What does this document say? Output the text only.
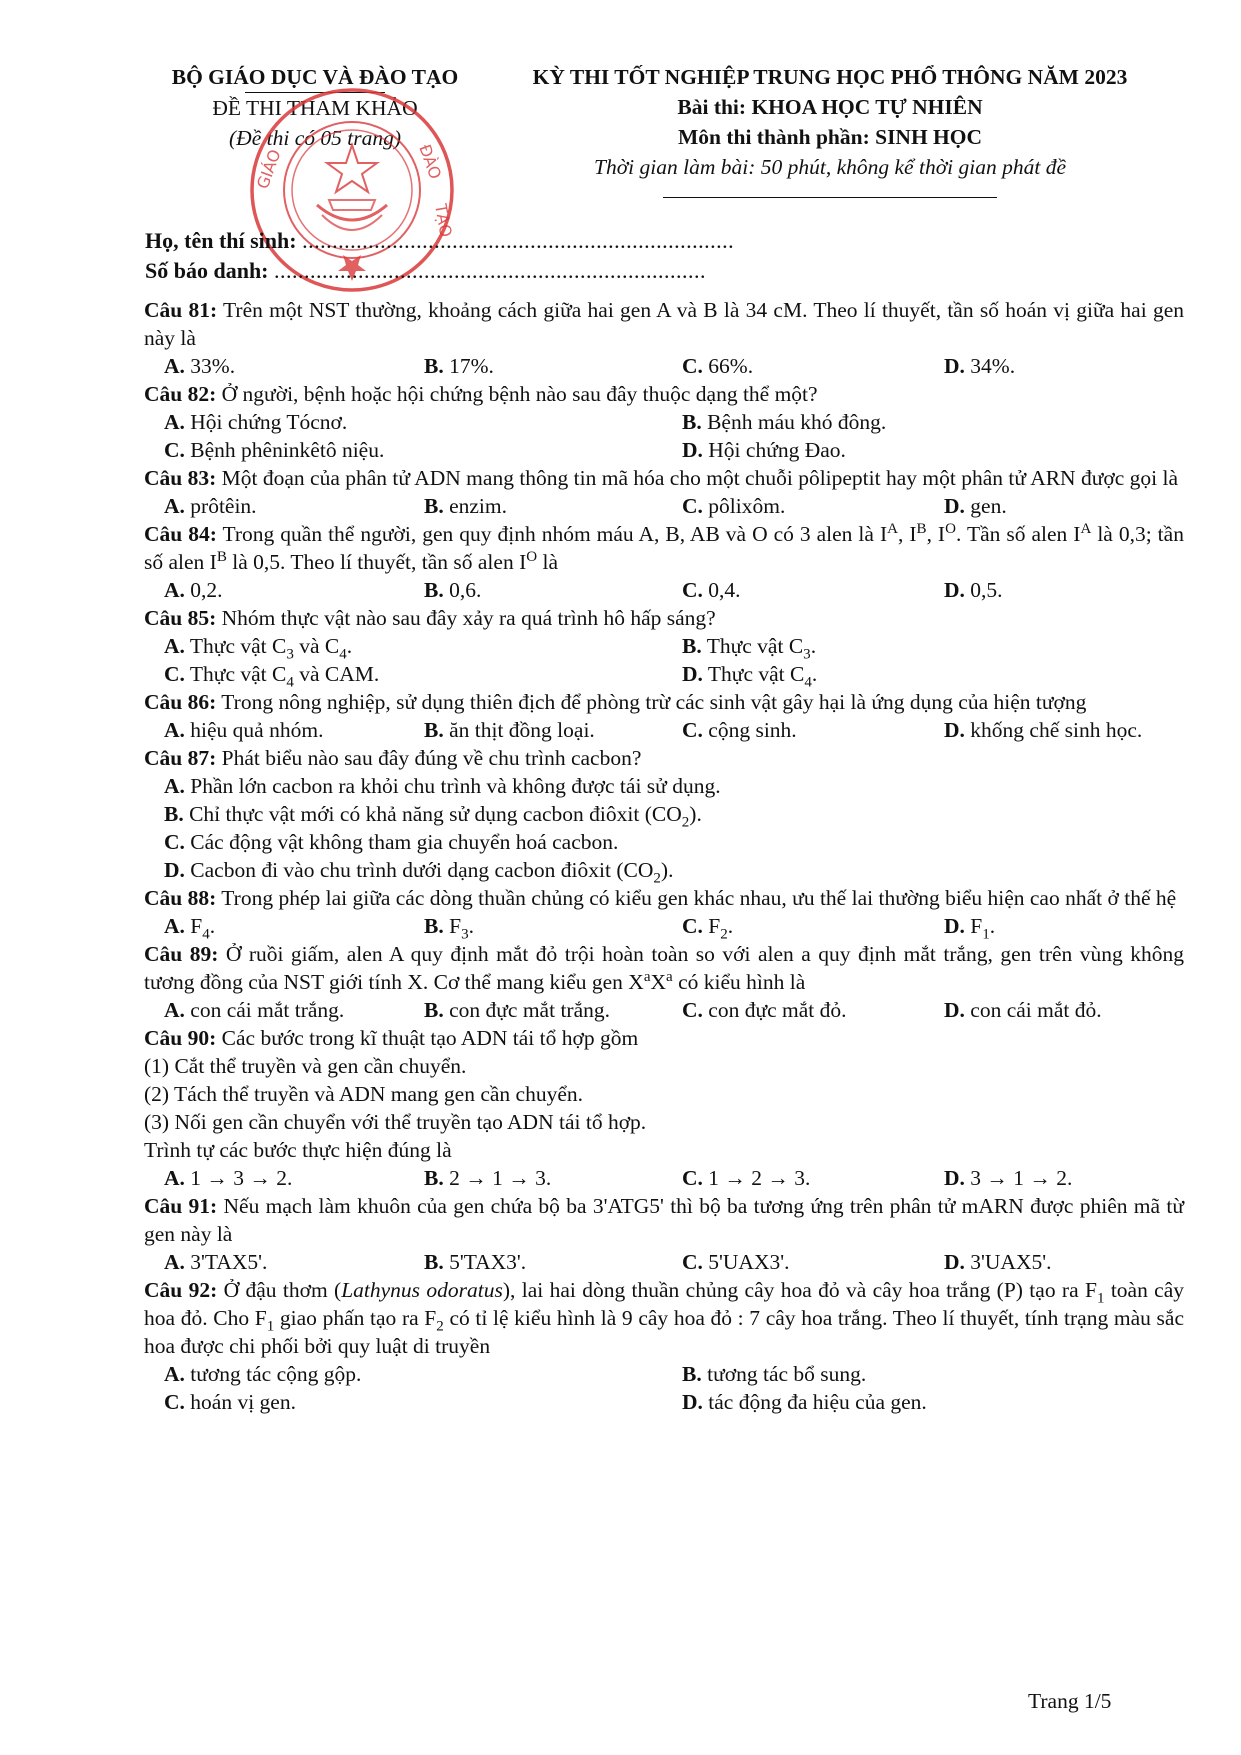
BỘ GIÁO DỤC VÀ ĐÀO TẠO
ĐỀ THI THAM KHẢO
(Đề thi có 05 trang)
KỲ THI TỐT NGHIỆP TRUNG HỌC PHỔ THÔNG NĂM 2023
Bài thi: KHOA HỌC TỰ NHIÊN
Môn thi thành phần: SINH HỌC
Thời gian làm bài: 50 phút, không kể thời gian phát đề
GIÁO	ĐÀO
TẠO
Họ, tên thí sinh: ........................................................................
Số báo danh: ........................................................................
Câu 81: Trên một NST thường, khoảng cách giữa hai gen A và B là 34 cM. Theo lí thuyết, tần số hoán vị giữa hai gen này là
A. 33%.	B. 17%.	C. 66%.	D. 34%.
Câu 82: Ở người, bệnh hoặc hội chứng bệnh nào sau đây thuộc dạng thể một?
A. Hội chứng Tócnơ.	B. Bệnh máu khó đông.
C. Bệnh phêninkêtô niệu.	D. Hội chứng Đao.
Câu 83: Một đoạn của phân tử ADN mang thông tin mã hóa cho một chuỗi pôlipeptit hay một phân tử ARN được gọi là
A. prôtêin.	B. enzim.	C. pôlixôm.	D. gen.
Câu 84: Trong quần thể người, gen quy định nhóm máu A, B, AB và O có 3 alen là $I^A$, $I^B$, $I^O$. Tần số alen $I^A$ là 0,3; tần số alen $I^B$ là 0,5. Theo lí thuyết, tần số alen $I^O$ là
A. 0,2.	B. 0,6.	C. 0,4.	D. 0,5.
Câu 85: Nhóm thực vật nào sau đây xảy ra quá trình hô hấp sáng?
A. Thực vật $C_3$ và $C_4$.	B. Thực vật $C_3$.
C. Thực vật $C_4$ và CAM.	D. Thực vật $C_4$.
Câu 86: Trong nông nghiệp, sử dụng thiên địch để phòng trừ các sinh vật gây hại là ứng dụng của hiện tượng
A. hiệu quả nhóm.	B. ăn thịt đồng loại.	C. cộng sinh.	D. khống chế sinh học.
Câu 87: Phát biểu nào sau đây đúng về chu trình cacbon?
A. Phần lớn cacbon ra khỏi chu trình và không được tái sử dụng.
B. Chỉ thực vật mới có khả năng sử dụng cacbon điôxit $(CO_2)$.
C. Các động vật không tham gia chuyển hoá cacbon.
D. Cacbon đi vào chu trình dưới dạng cacbon điôxit $(CO_2)$.
Câu 88: Trong phép lai giữa các dòng thuần chủng có kiểu gen khác nhau, ưu thế lai thường biểu hiện cao nhất ở thế hệ
A. $F_4$.	B. $F_3$.	C. $F_2$.	D. $F_1$.
Câu 89: Ở ruồi giấm, alen A quy định mắt đỏ trội hoàn toàn so với alen a quy định mắt trắng, gen trên vùng không tương đồng của NST giới tính X. Cơ thể mang kiểu gen $X^aX^a$ có kiểu hình là
A. con cái mắt trắng.	B. con đực mắt trắng.	C. con đực mắt đỏ.	D. con cái mắt đỏ.
Câu 90: Các bước trong kĩ thuật tạo ADN tái tổ hợp gồm
(1) Cắt thể truyền và gen cần chuyển.
(2) Tách thể truyền và ADN mang gen cần chuyển.
(3) Nối gen cần chuyển với thể truyền tạo ADN tái tổ hợp.
Trình tự các bước thực hiện đúng là
A. 1 → 3 → 2.	B. 2 → 1 → 3.	C. 1 → 2 → 3.	D. 3 → 1 → 2.
Câu 91: Nếu mạch làm khuôn của gen chứa bộ ba 3'ATG5' thì bộ ba tương ứng trên phân tử mARN được phiên mã từ gen này là
A. 3'TAX5'.	B. 5'TAX3'.	C. 5'UAX3'.	D. 3'UAX5'.
Câu 92: Ở đậu thơm (Lathynus odoratus), lai hai dòng thuần chủng cây hoa đỏ và cây hoa trắng (P) tạo ra $F_1$ toàn cây hoa đỏ. Cho $F_1$ giao phấn tạo ra $F_2$ có tỉ lệ kiểu hình là 9 cây hoa đỏ : 7 cây hoa trắng. Theo lí thuyết, tính trạng màu sắc hoa được chi phối bởi quy luật di truyền
A. tương tác cộng gộp.	B. tương tác bổ sung.
C. hoán vị gen.	D. tác động đa hiệu của gen.
Trang 1/5
